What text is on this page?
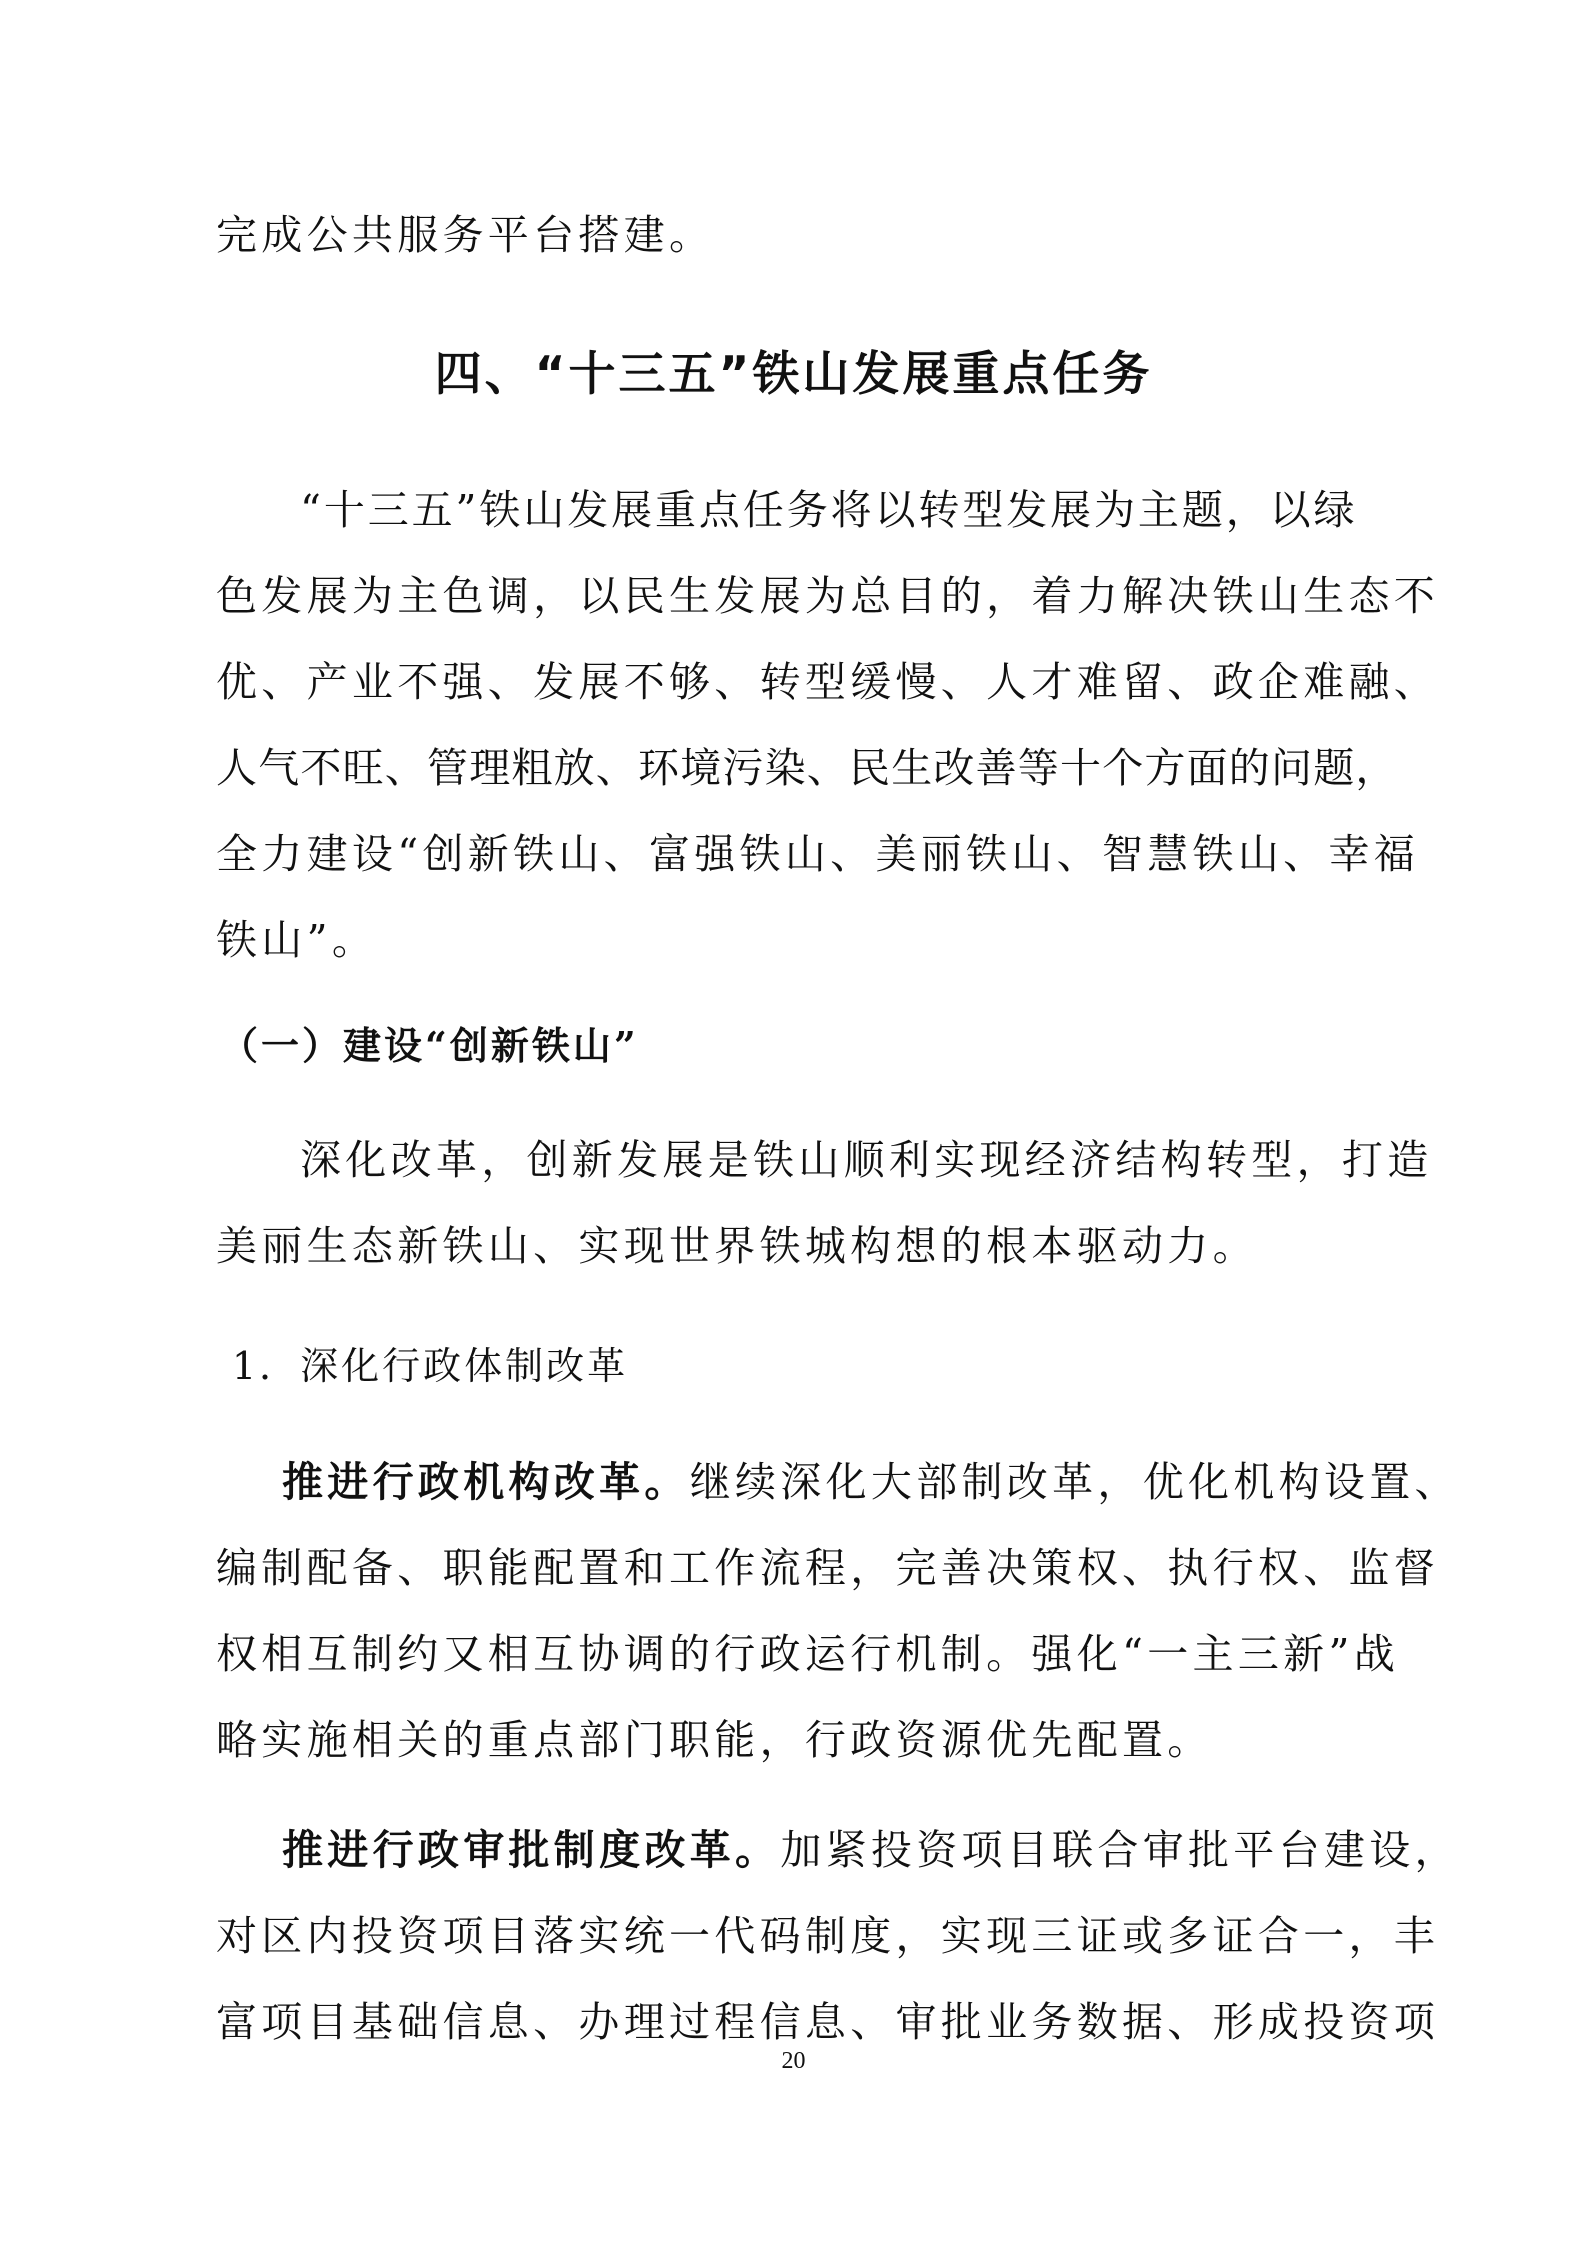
完成公共服务平台搭建。
四、“十三五”铁山发展重点任务
“十三五”铁山发展重点任务将以转型发展为主题，以绿
色发展为主色调，以民生发展为总目的，着力解决铁山生态不
优、产业不强、发展不够、转型缓慢、人才难留、政企难融、
人气不旺、管理粗放、环境污染、民生改善等十个方面的问题，
全力建设“创新铁山、富强铁山、美丽铁山、智慧铁山、幸福
铁山”。
（一）建设“创新铁山”
深化改革，创新发展是铁山顺利实现经济结构转型，打造
美丽生态新铁山、实现世界铁城构想的根本驱动力。
1．深化行政体制改革
推进行政机构改革。继续深化大部制改革，优化机构设置、
编制配备、职能配置和工作流程，完善决策权、执行权、监督
权相互制约又相互协调的行政运行机制。强化“一主三新”战
略实施相关的重点部门职能，行政资源优先配置。
推进行政审批制度改革。加紧投资项目联合审批平台建设，
对区内投资项目落实统一代码制度，实现三证或多证合一，丰
富项目基础信息、办理过程信息、审批业务数据、形成投资项
20
